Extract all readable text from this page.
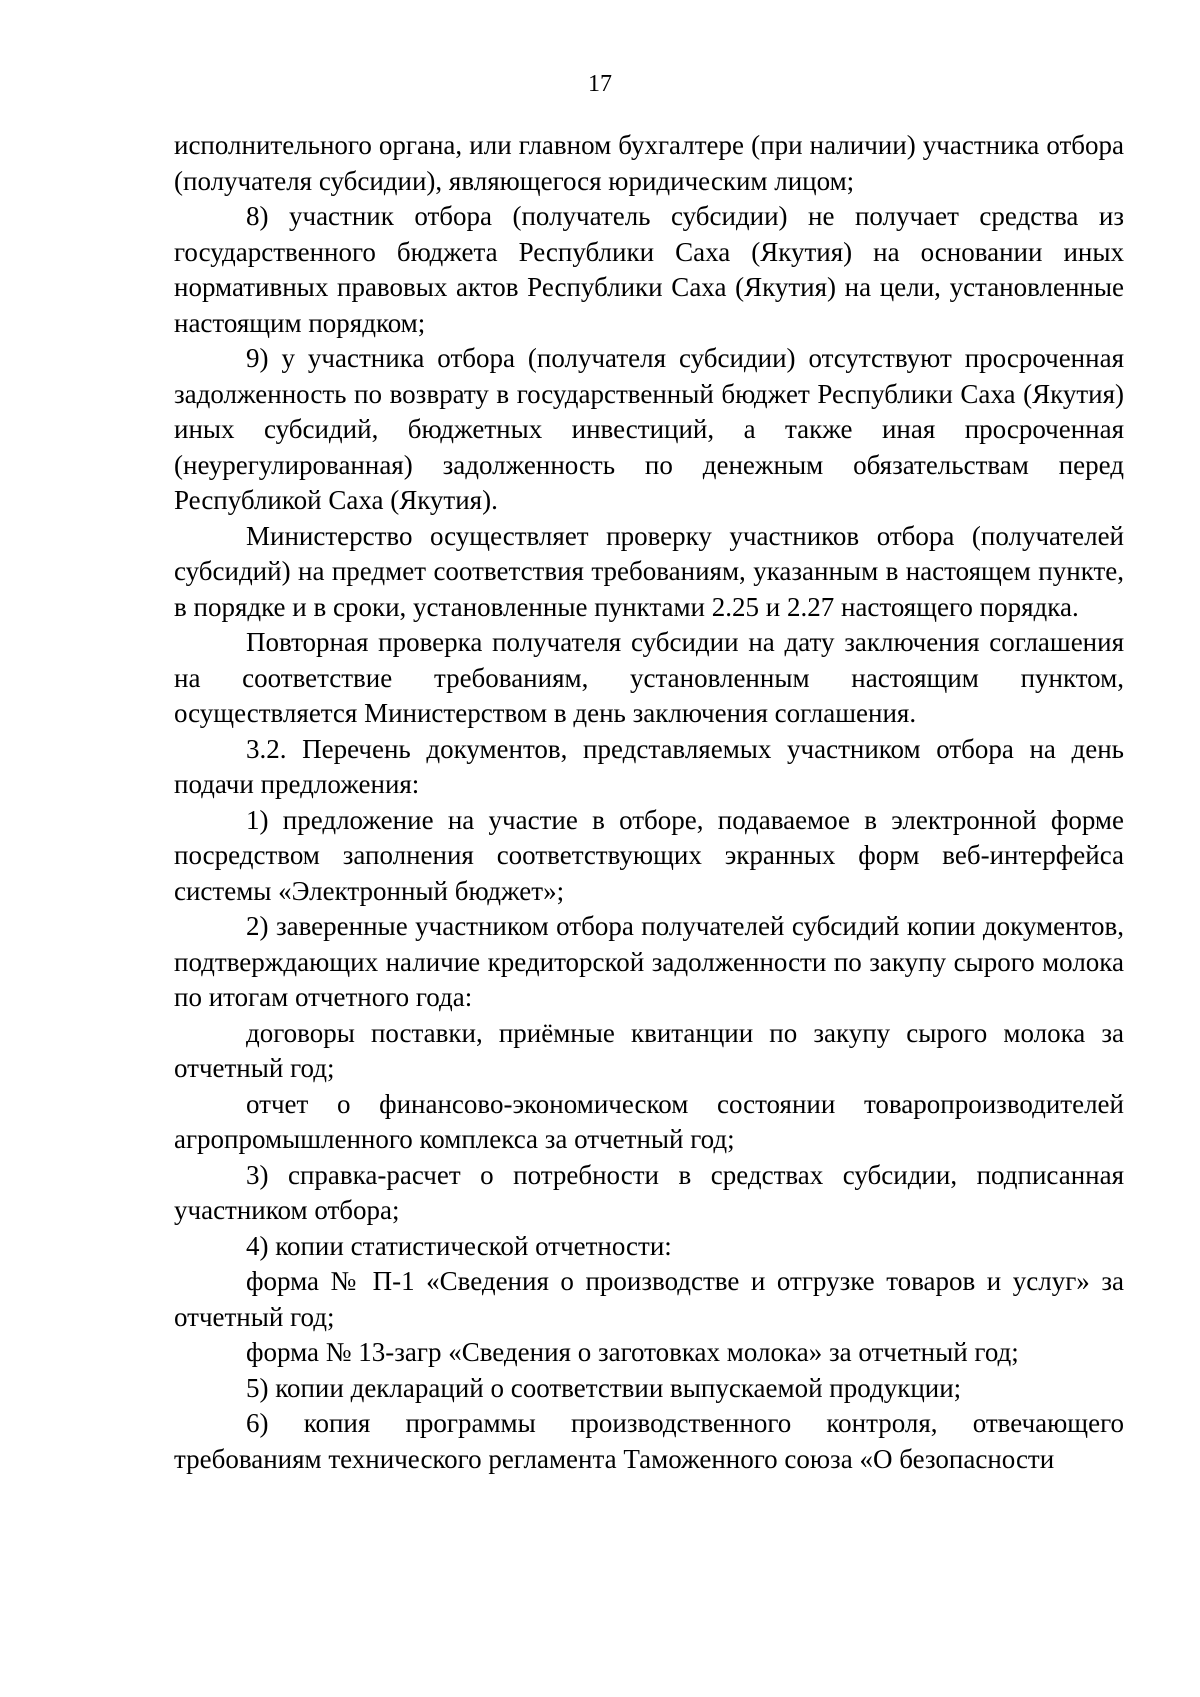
17

исполнительного органа, или главном бухгалтере (при наличии) участника отбора (получателя субсидии), являющегося юридическим лицом;

8) участник отбора (получатель субсидии) не получает средства из государственного бюджета Республики Саха (Якутия) на основании иных нормативных правовых актов Республики Саха (Якутия) на цели, установленные настоящим порядком;

9) у участника отбора (получателя субсидии) отсутствуют просроченная задолженность по возврату в государственный бюджет Республики Саха (Якутия) иных субсидий, бюджетных инвестиций, а также иная просроченная (неурегулированная) задолженность по денежным обязательствам перед Республикой Саха (Якутия).

Министерство осуществляет проверку участников отбора (получателей субсидий) на предмет соответствия требованиям, указанным в настоящем пункте, в порядке и в сроки, установленные пунктами 2.25 и 2.27 настоящего порядка.

Повторная проверка получателя субсидии на дату заключения соглашения на соответствие требованиям, установленным настоящим пунктом, осуществляется Министерством в день заключения соглашения.

3.2. Перечень документов, представляемых участником отбора на день подачи предложения:

1) предложение на участие в отборе, подаваемое в электронной форме посредством заполнения соответствующих экранных форм веб-интерфейса системы «Электронный бюджет»;

2) заверенные участником отбора получателей субсидий копии документов, подтверждающих наличие кредиторской задолженности по закупу сырого молока по итогам отчетного года:

договоры поставки, приёмные квитанции по закупу сырого молока за отчетный год;

отчет о финансово-экономическом состоянии товаропроизводителей агропромышленного комплекса за отчетный год;

3) справка-расчет о потребности в средствах субсидии, подписанная участником отбора;

4) копии статистической отчетности:

форма № П-1 «Сведения о производстве и отгрузке товаров и услуг» за отчетный год;

форма № 13-загр «Сведения о заготовках молока» за отчетный год;

5) копии деклараций о соответствии выпускаемой продукции;

6) копия программы производственного контроля, отвечающего требованиям технического регламента Таможенного союза «О безопасности
